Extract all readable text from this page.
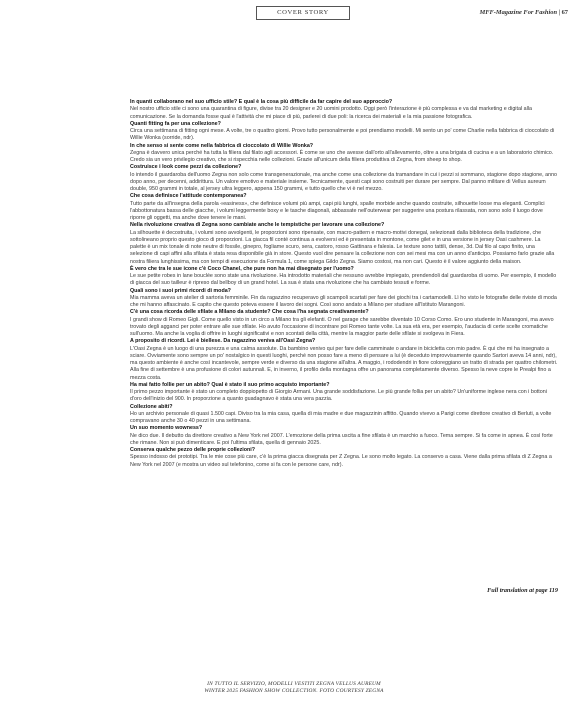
COVER STORY	MFF-Magazine For Fashion | 67

In quanti collaborano nel suo ufficio stile? E qual è la cosa più difficile da far capire del suo approccio?

Nel nostro ufficio stile ci sono una quarantina di figure, divise tra 20 designer e 20 uomini prodotto. Oggi però l'interazione è più complessa e va dal marketing e digital alla comunicazione. Se la domanda fosse qual è l'attività che mi piace di più, parlerei di due poli: la ricerca dei materiali e la mia passione fotografica.

Quanti fitting fa per una collezione?

Circa una settimana di fitting ogni mese. A volte, tre o quattro giorni. Provo tutto personalmente e poi prendiamo modelli. Mi sento un po' come Charlie nella fabbrica di cioccolato di Willie Wonka (sorride, ndr).

In che senso si sente come nella fabbrica di cioccolato di Willie Wonka?

Zegna è davvero unica perché ha tutta la filiera dal filato agli accessori. È come se uno che avesse dall'orto all'allevamento, oltre a una brigata di cucina e a un laboratorio chimico. Credo sia un vero privilegio creativo, che si rispecchia nelle collezioni. Grazie all'unicum della filiera produttiva di Zegna, from sheep to shop.

Costruisce i look come pezzi da collezione?

Io intendo il guardaroba dell'uomo Zegna non solo come transgenerazionale, ma anche come una collezione da tramandare in cui i pezzi si sommano, stagione dopo stagione, anno dopo anno, per decenni, addirittura. Un valore emotivo e materiale insieme. Tecnicamente, questi capi sono costruiti per durare per sempre. Dal panno militare di Vellus aureum double, 950 grammi in totale, al jersey ultra leggero, appena 150 grammi, e tutto quello che vi è nel mezzo.

Che cosa definisce l'attitude contemporanea?

Tutto parte da all'insegna della parola «easiness», che definisce volumi più ampi, capi più lunghi, spalle morbide anche quando costruite, silhouette loose ma eleganti. Complici l'abbottonatura bassa delle giacche, i volumi leggermente boxy e le tasche diagonali, abbassate nell'outerwear per suggerire una postura rilassata, non sono solo il luogo dove riporre gli oggetti, ma anche dove tenere le mani.

Nella rivoluzione creativa di Zegna sono cambiate anche le tempistiche per lavorare una collezione?

La silhouette è decostruita, i volumi sono avvolgenti, le proporzioni sono ripensate, con macro-pattern e macro-motivi donegal, selezionati dalla biblioteca della tradizione, che sottolineano proprio questo gioco di proporzioni. La giacca fil conté continua a evolversi ed è presentata in montone, come gilet e in una versione in jersey Oasi cashmere. La palette è un mix tonale di note neutre di fossile, ginepro, fogliame scuro, sera, castoro, rosso Gattinara e falesia. Le texture sono tattili, dense, 3d. Dal filo al capo finito, una selezione di capi affini alla sfilata è stata resa disponibile già in store. Questo vuol dire pensare la collezione non con sei mesi ma con un anno d'anticipo. Possiamo farlo grazie alla nostra filiera lunghissima, ma con tempi di esecuzione da Formula 1, come spiega Gildo Zegna. Siamo costosi, ma non cari. Questo è il valore aggiunto della maison.

È vero che tra le sue icone c'è Coco Chanel, che pure non ha mai disegnato per l'uomo?

Le sue petite robes in lane bouclée sono state una rivoluzione. Ha introdotto materiali che nessuno avrebbe impiegato, prendendoli dal guardaroba di uomo. Per esempio, il modello di giacca del suo tailleur è ripreso dal bellboy di un grand hotel. La sua è stata una rivoluzione che ha cambiato tessuti e forme.

Quali sono i suoi primi ricordi di moda?

Mia mamma aveva un atelier di sartoria femminile. Fin da ragazzino recuperavo gli scampoli scartati per fare dei giochi tra i cartamodelli. Lì ho visto le fotografie delle riviste di moda che mi hanno affascinato. E capito che questo poteva essere il lavoro dei sogni. Così sono andato a Milano per studiare all'Istituto Marangoni.

C'è una cosa ricorda delle sfilate a Milano da studente? Che cosa l'ha segnata creativamente?

I grandi show di Romeo Gigli. Come quello visto in un circo a Milano tra gli elefanti. O nel garage che sarebbe diventato 10 Corso Como. Ero uno studente in Marangoni, ma avevo trovato degli agganci per poter entrare alle sue sfilate. Ho avuto l'occasione di incontrare poi Romeo tante volte. La sua età era, per esempio, l'audacia di certe scelte cromatiche sull'uomo. Ma anche la voglia di offrire in luoghi significativi e non scontati della città, mentre la maggior parte delle sfilate si svolgeva in Fiera.

A proposito di ricordi. Lei è biellese. Da ragazzino veniva all'Oasi Zegna?

L'Oasi Zegna è un luogo di una purezza e una calma assolute. Da bambino venivo qui per fare delle camminate o andare in bicicletta con mio padre. È qui che mi ha insegnato a sciare. Ovviamente sono sempre un po' nostalgico in questi luoghi, perché non posso fare a meno di pensare a lui (è deceduto improvvisamente quando Sartori aveva 14 anni, ndr), ma questo ambiente è anche così incantevole, sempre verde e diverso da una stagione all'altra. A maggio, i rododendri in fiore coloreggiano un tratto di strada per quattro chilometri. Alla fine di settembre è una profusione di colori autunnali. E, in inverno, il profilo della montagna offre un panorama completamente diverso. Spesso la neve copre le Prealpi fino a mezza costa.

Ha mai fatto follie per un abito? Qual è stato il suo primo acquisto importante?

Il primo pezzo importante è stato un completo doppiopetto di Giorgio Armani. Una grande soddisfazione. Le più grande follia per un abito? Un'uniforme inglese nera con i bottoni d'oro dell'inizio del 900. In proporzione a quanto guadagnavo è stata una vera pazzia.

Collezione abiti?

Ho un archivio personale di quasi 1.500 capi. Diviso tra la mia casa, quella di mia madre e due magazzinin affitto. Quando vivevo a Parigi come direttore creativo di Berluti, a volte compravano anche 30 o 40 pezzi in una settimana.

Un suo momento wowness?

Ne dico due. Il debutto da direttore creativo a New York nel 2007. L'emozione della prima uscita a fine sfilata è un marchio a fuoco. Tema sempre. Si fa come in apnea. È così forte che rimane. Non si può dimenticare. E poi l'ultima sfilata, quella di gennaio 2025.

Conserva qualche pezzo delle proprie collezioni?

Spesso indosso dei prototipi. Tra le mie cose più care, c'è la prima giacca disegnata per Z Zegna. Le sono molto legato. La conservo a casa. Viene dalla prima sfilata di Z Zegna a New York nel 2007 (e mostra un video sul telefonino, come si fa con le persone care, ndr).

Full translation at page 119
IN TUTTO IL SERVIZIO, MODELLI VESTITI ZEGNA VELLUS AUREUM
WINTER 2025 FASHION SHOW COLLECTION. FOTO COURTESY ZEGNA
